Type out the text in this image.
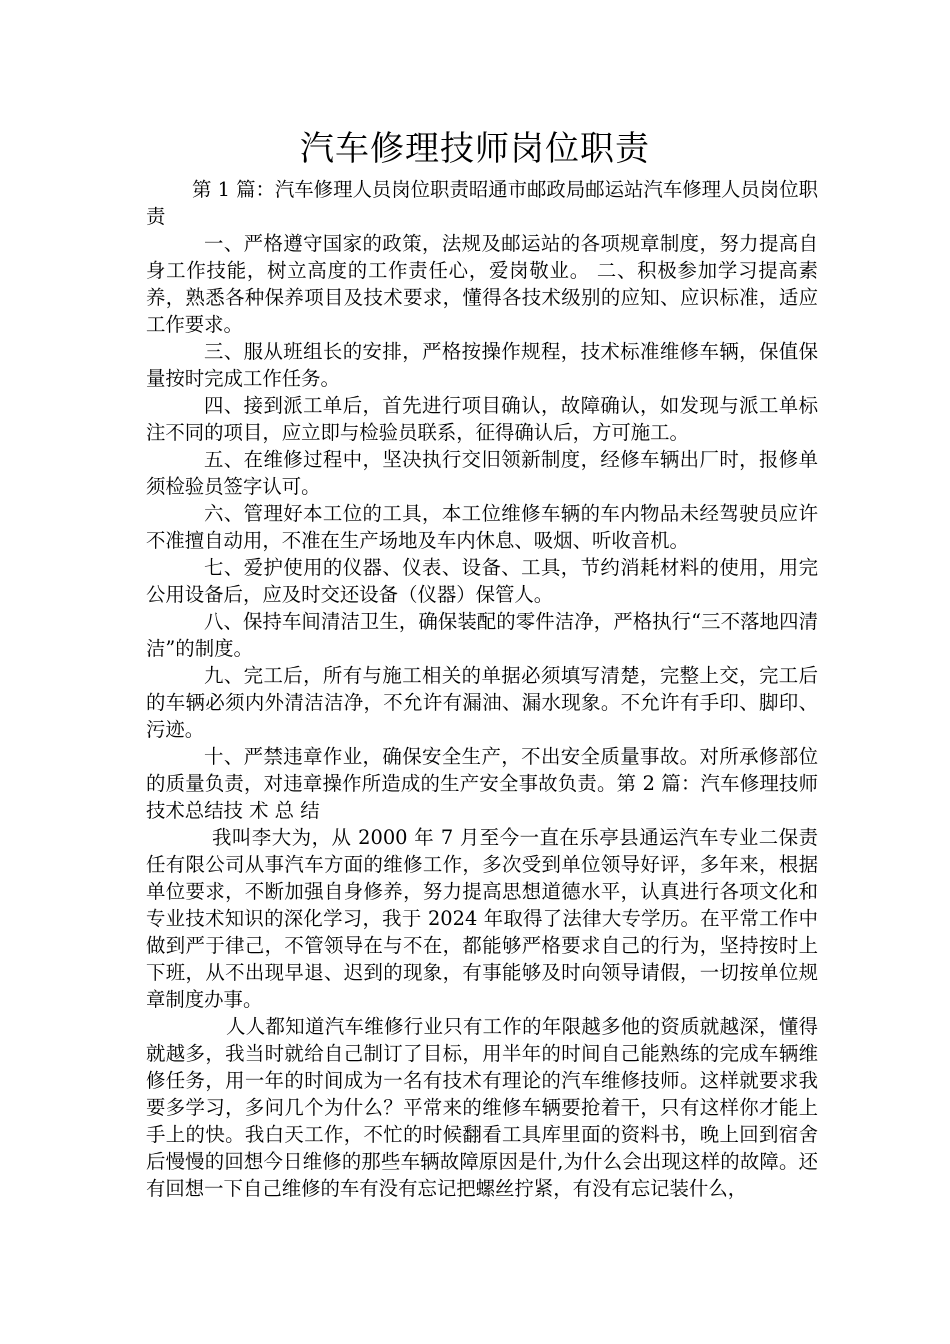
汽车修理技师岗位职责

第 1 篇：汽车修理人员岗位职责昭通市邮政局邮运站汽车修理人员岗位职责

一、严格遵守国家的政策，法规及邮运站的各项规章制度，努力提高自身工作技能，树立高度的工作责任心，爱岗敬业。 二、积极参加学习提高素养，熟悉各种保养项目及技术要求，懂得各技术级别的应知、应识标准，适应工作要求。

三、服从班组长的安排，严格按操作规程，技术标准维修车辆，保值保量按时完成工作任务。

四、接到派工单后，首先进行项目确认，故障确认，如发现与派工单标注不同的项目，应立即与检验员联系，征得确认后，方可施工。

五、在维修过程中，坚决执行交旧领新制度，经修车辆出厂时，报修单须检验员签字认可。

六、管理好本工位的工具，本工位维修车辆的车内物品未经驾驶员应许不准擅自动用，不准在生产场地及车内休息、吸烟、听收音机。

七、爱护使用的仪器、仪表、设备、工具，节约消耗材料的使用，用完公用设备后，应及时交还设备（仪器）保管人。

八、保持车间清洁卫生，确保装配的零件洁净，严格执行“三不落地四清洁”的制度。

九、完工后，所有与施工相关的单据必须填写清楚，完整上交，完工后的车辆必须内外清洁洁净，不允许有漏油、漏水现象。不允许有手印、脚印、污迹。

十、严禁违章作业，确保安全生产，不出安全质量事故。对所承修部位的质量负责，对违章操作所造成的生产安全事故负责。第 2 篇：汽车修理技师技术总结技 术 总 结

我叫李大为，从 2000 年 7 月至今一直在乐亭县通运汽车专业二保责任有限公司从事汽车方面的维修工作，多次受到单位领导好评，多年来，根据单位要求，不断加强自身修养，努力提高思想道德水平，认真进行各项文化和专业技术知识的深化学习，我于 2024 年取得了法律大专学历。在平常工作中做到严于律己，不管领导在与不在，都能够严格要求自己的行为，坚持按时上下班，从不出现早退、迟到的现象，有事能够及时向领导请假，一切按单位规章制度办事。

人人都知道汽车维修行业只有工作的年限越多他的资质就越深，懂得就越多，我当时就给自己制订了目标，用半年的时间自己能熟练的完成车辆维修任务，用一年的时间成为一名有技术有理论的汽车维修技师。这样就要求我要多学习，多问几个为什么？平常来的维修车辆要抢着干，只有这样你才能上手上的快。我白天工作，不忙的时候翻看工具库里面的资料书，晚上回到宿舍后慢慢的回想今日维修的那些车辆故障原因是什,为什么会出现这样的故障。还有回想一下自己维修的车有没有忘记把螺丝拧紧，有没有忘记装什么，
